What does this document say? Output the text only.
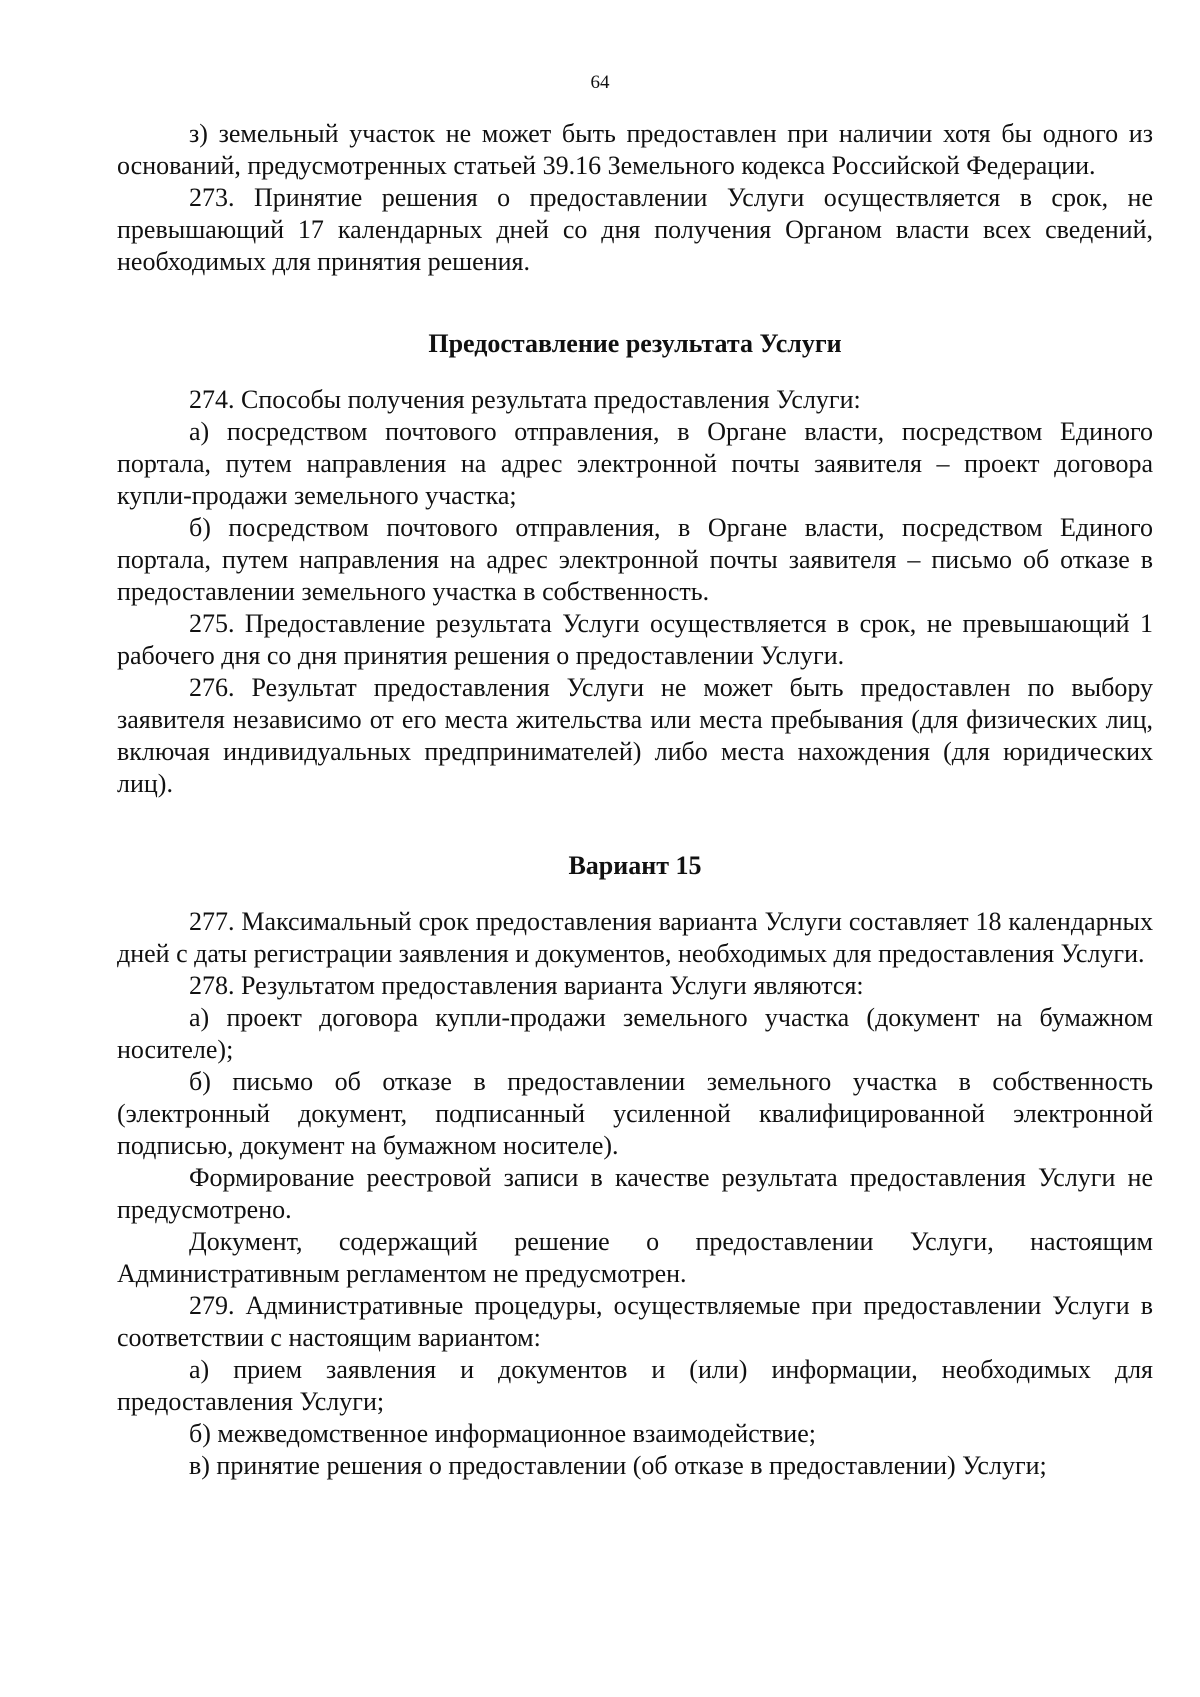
64

з) земельный участок не может быть предоставлен при наличии хотя бы одного из оснований, предусмотренных статьей 39.16 Земельного кодекса Российской Федерации.

273. Принятие решения о предоставлении Услуги осуществляется в срок, не превышающий 17 календарных дней со дня получения Органом власти всех сведений, необходимых для принятия решения.

Предоставление результата Услуги

274. Способы получения результата предоставления Услуги:

а) посредством почтового отправления, в Органе власти, посредством Единого портала, путем направления на адрес электронной почты заявителя – проект договора купли-продажи земельного участка;

б) посредством почтового отправления, в Органе власти, посредством Единого портала, путем направления на адрес электронной почты заявителя – письмо об отказе в предоставлении земельного участка в собственность.

275. Предоставление результата Услуги осуществляется в срок, не превышающий 1 рабочего дня со дня принятия решения о предоставлении Услуги.

276. Результат предоставления Услуги не может быть предоставлен по выбору заявителя независимо от его места жительства или места пребывания (для физических лиц, включая индивидуальных предпринимателей) либо места нахождения (для юридических лиц).

Вариант 15

277. Максимальный срок предоставления варианта Услуги составляет 18 календарных дней с даты регистрации заявления и документов, необходимых для предоставления Услуги.

278. Результатом предоставления варианта Услуги являются:

а) проект договора купли-продажи земельного участка (документ на бумажном носителе);

б) письмо об отказе в предоставлении земельного участка в собственность (электронный документ, подписанный усиленной квалифицированной электронной подписью, документ на бумажном носителе).

Формирование реестровой записи в качестве результата предоставления Услуги не предусмотрено.

Документ, содержащий решение о предоставлении Услуги, настоящим Административным регламентом не предусмотрен.

279. Административные процедуры, осуществляемые при предоставлении Услуги в соответствии с настоящим вариантом:

а) прием заявления и документов и (или) информации, необходимых для предоставления Услуги;

б) межведомственное информационное взаимодействие;

в) принятие решения о предоставлении (об отказе в предоставлении) Услуги;
